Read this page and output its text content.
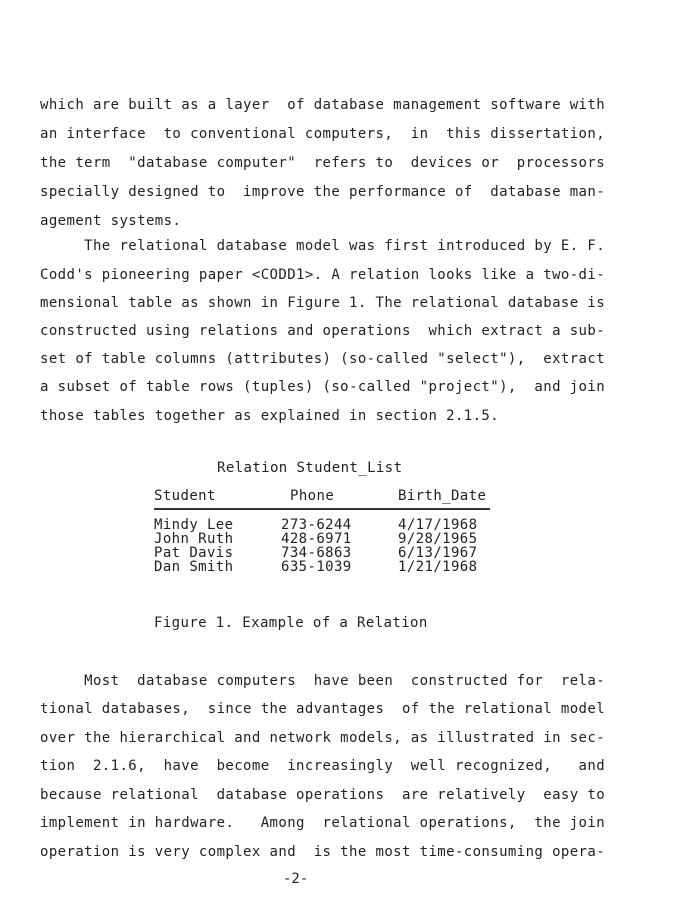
which are built as a layer  of database management software with
an interface  to conventional computers,  in  this dissertation,
the term  "database computer"  refers to  devices or  processors
specially designed to  improve the performance of  database man-
agement systems.
The relational database model was first introduced by E. F.
Codd's pioneering paper <CODD1>. A relation looks like a two-di-
mensional table as shown in Figure 1. The relational database is
constructed using relations and operations  which extract a sub-
set of table columns (attributes) (so-called "select"),  extract
a subset of table rows (tuples) (so-called "project"),  and join
those tables together as explained in section 2.1.5.
Relation Student_List
Student	Phone	Birth_Date
Mindy Lee	273-6244	4/17/1968
John Ruth	428-6971	9/28/1965
Pat Davis	734-6863	6/13/1967
Dan Smith	635-1039	1/21/1968
Figure 1. Example of a Relation
Most  database computers  have been  constructed for  rela-
tional databases,  since the advantages  of the relational model
over the hierarchical and network models, as illustrated in sec-
tion  2.1.6,  have  become  increasingly  well recognized,   and
because relational  database operations  are relatively  easy to
implement in hardware.   Among  relational operations,  the join
operation is very complex and  is the most time-consuming opera-
-2-
